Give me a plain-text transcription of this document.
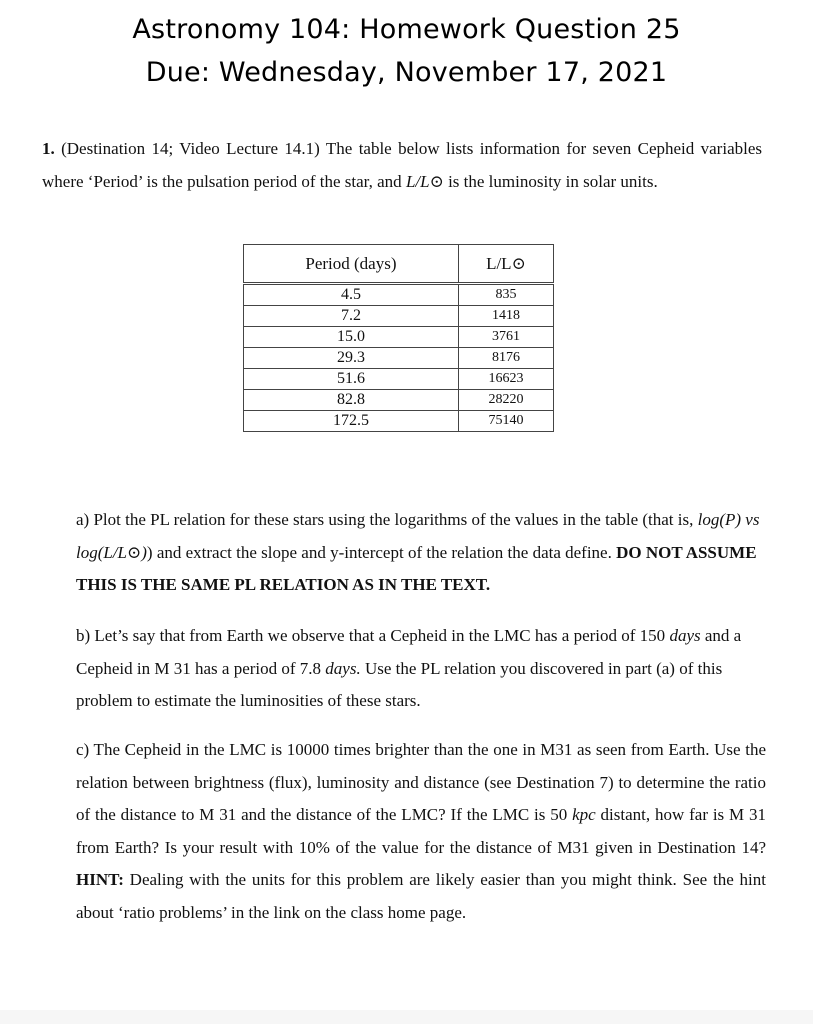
Astronomy 104: Homework Question 25
Due: Wednesday, November 17, 2021

1. (Destination 14; Video Lecture 14.1) The table below lists information for seven Cepheid variables where ‘Period’ is the pulsation period of the star, and L/L⊙ is the luminosity in solar units.

Period (days)	L/L⊙
4.5	835
7.2	1418
15.0	3761
29.3	8176
51.6	16623
82.8	28220
172.5	75140

a) Plot the PL relation for these stars using the logarithms of the values in the table (that is, log(P) vs log(L/L⊙)) and extract the slope and y-intercept of the relation the data define. DO NOT ASSUME THIS IS THE SAME PL RELATION AS IN THE TEXT.

b) Let’s say that from Earth we observe that a Cepheid in the LMC has a period of 150 days and a Cepheid in M 31 has a period of 7.8 days. Use the PL relation you discovered in part (a) of this problem to estimate the luminosities of these stars.

c) The Cepheid in the LMC is 10000 times brighter than the one in M31 as seen from Earth. Use the relation between brightness (flux), luminosity and distance (see Destination 7) to determine the ratio of the distance to M 31 and the distance of the LMC? If the LMC is 50 kpc distant, how far is M 31 from Earth? Is your result with 10% of the value for the distance of M31 given in Destination 14? HINT: Dealing with the units for this problem are likely easier than you might think. See the hint about ‘ratio problems’ in the link on the class home page.
